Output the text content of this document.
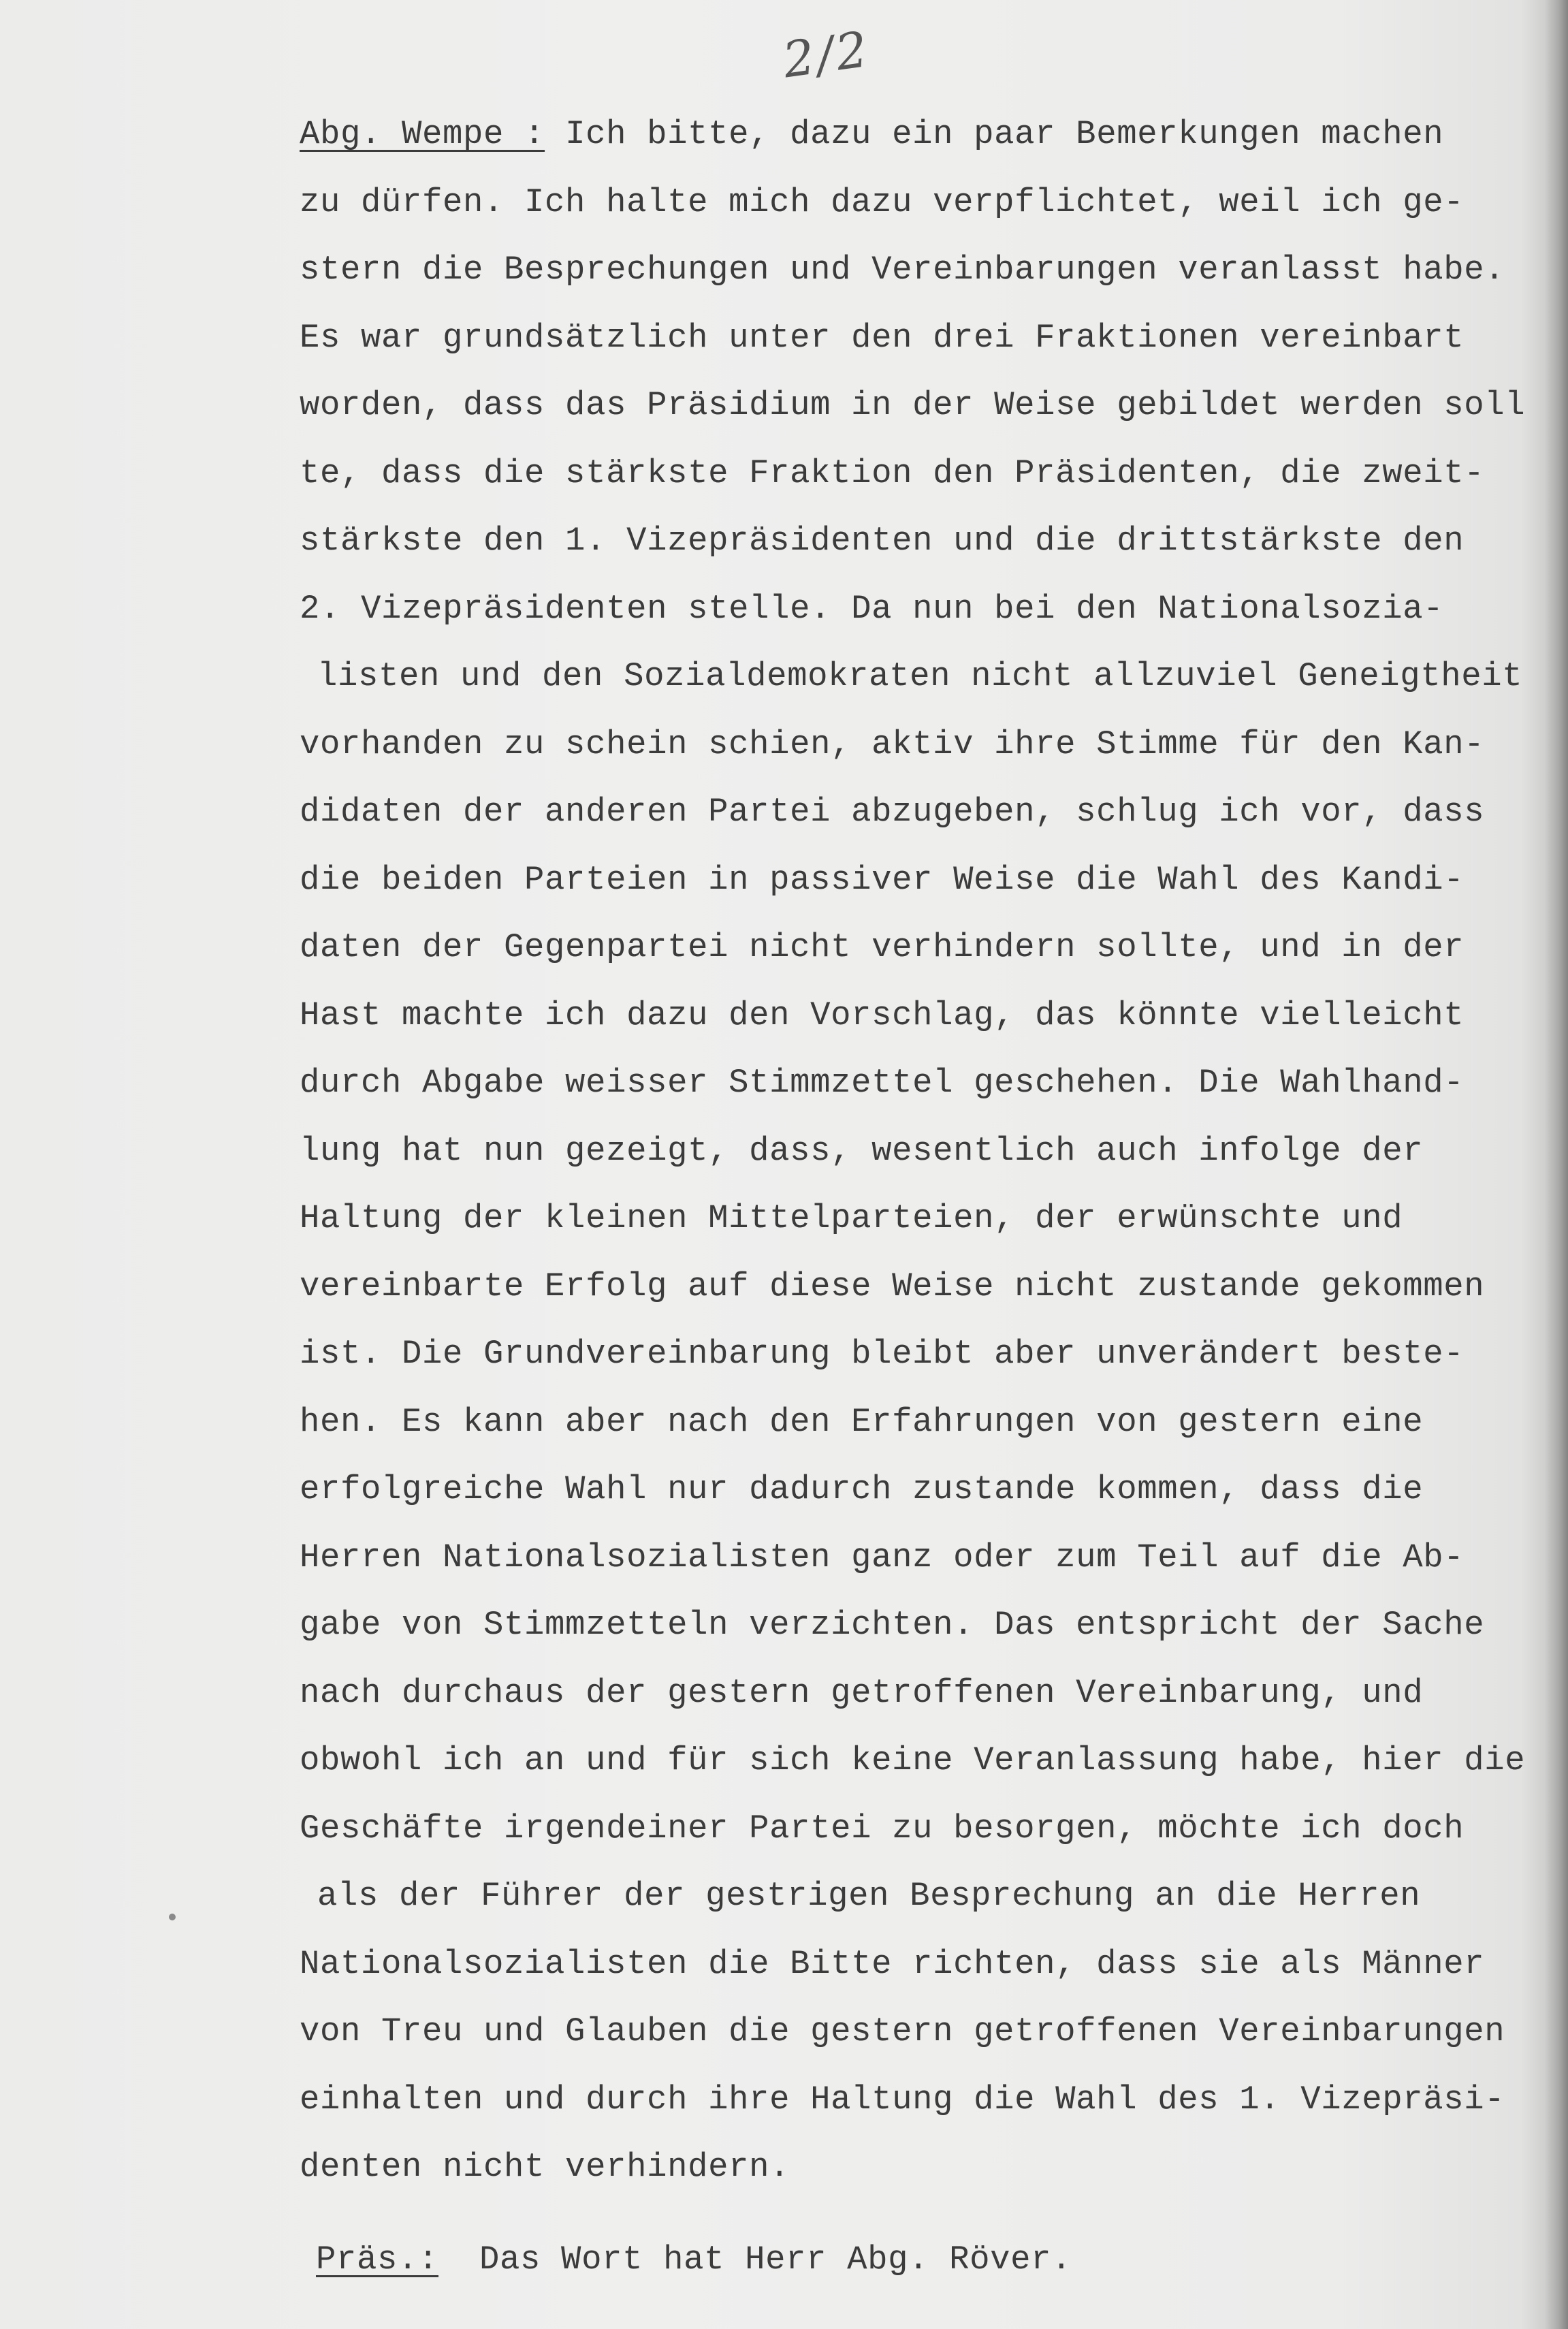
2/2
Abg. Wempe : Ich bitte, dazu ein paar Bemerkungen machen
zu dürfen. Ich halte mich dazu verpflichtet, weil ich ge-
stern die Besprechungen und Vereinbarungen veranlasst habe.
Es war grundsätzlich unter den drei Fraktionen vereinbart
worden, dass das Präsidium in der Weise gebildet werden soll
te, dass die stärkste Fraktion den Präsidenten, die zweit-
stärkste den 1. Vizepräsidenten und die drittstärkste den
2. Vizepräsidenten stelle. Da nun bei den Nationalsozia-
listen und den Sozialdemokraten nicht allzuviel Geneigtheit
vorhanden zu schein schien, aktiv ihre Stimme für den Kan-
didaten der anderen Partei abzugeben, schlug ich vor, dass
die beiden Parteien in passiver Weise die Wahl des Kandi-
daten der Gegenpartei nicht verhindern sollte, und in der
Hast machte ich dazu den Vorschlag, das könnte vielleicht
durch Abgabe weisser Stimmzettel geschehen. Die Wahlhand-
lung hat nun gezeigt, dass, wesentlich auch infolge der
Haltung der kleinen Mittelparteien, der erwünschte und
vereinbarte Erfolg auf diese Weise nicht zustande gekommen
ist. Die Grundvereinbarung bleibt aber unverändert beste-
hen. Es kann aber nach den Erfahrungen von gestern eine
erfolgreiche Wahl nur dadurch zustande kommen, dass die
Herren Nationalsozialisten ganz oder zum Teil auf die Ab-
gabe von Stimmzetteln verzichten. Das entspricht der Sache
nach durchaus der gestern getroffenen Vereinbarung, und
obwohl ich an und für sich keine Veranlassung habe, hier die
Geschäfte irgendeiner Partei zu besorgen, möchte ich doch
als der Führer der gestrigen Besprechung an die Herren
Nationalsozialisten die Bitte richten, dass sie als Männer
von Treu und Glauben die gestern getroffenen Vereinbarungen
einhalten und durch ihre Haltung die Wahl des 1. Vizepräsi-
denten nicht verhindern.
Präs.:  Das Wort hat Herr Abg. Röver.
